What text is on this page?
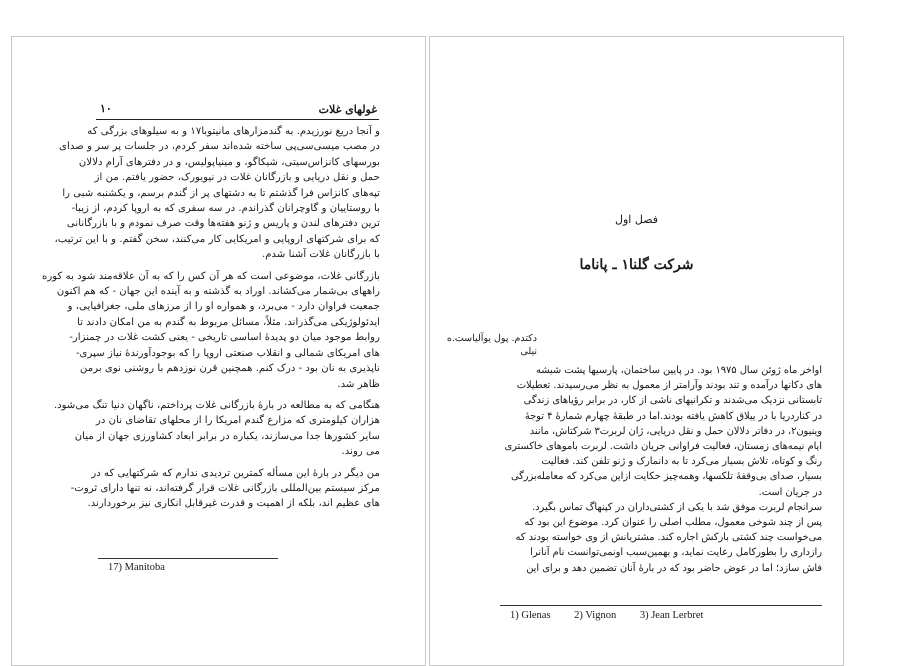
۱۰	غولهای غلات

و آنجا دریغ نورزیدم. به گندمزارهای مانیتوبا۱۷ و به سیلوهای بزرگی که

در مصب میسی‌سی‌پی ساخته شده‌اند سفر کردم، در جلسات پر سر و صدای

بورسهای کانزاس‌سیتی، شیکاگو، و مینیاپولیس، و در دفترهای آرام دلالان

حمل و نقل دریایی و بازرگانان غلات در نیویورک، حضور یافتم. من از

تپه‌های کانزاس فرا گذشتم تا به دشتهای پر از گندم برسم، و یکشنبه شبی را

با روستاییان و گاوچرانان گذراندم. در سه سفری که به اروپا کردم، از زیبا-

ترین دفترهای لندن و پاریس و ژنو هفته‌ها وقت صرف نمودم و با بازرگانانی

که برای شرکتهای اروپایی و امریکایی کار می‌کنند، سخن گفتم. و با این ترتیب،

با بازرگانان غلات آشنا شدم.

بازرگانی غلات، موضوعی است که هر آن کس را که به آن علاقه‌مند شود به کوره

راههای بی‌شمار می‌کشاند. اوراد به گذشته و به آینده این جهان - که هم اکنون

جمعیت فراوان دارد - می‌برد، و همواره او را از مرزهای ملی، جغرافیایی، و

ایدئولوژیکی می‌گذراند. مثلاً، مسائل مربوط به گندم به من امکان دادند تا

روابط موجود میان دو پدیدهٔ اساسی تاریخی - یعنی کشت غلات در چمنزار-

های امریکای شمالی و انقلاب صنعتی اروپا را که بوجودآورندهٔ نیاز سپری-

ناپذیری به نان بود - درک کنم. همچنین قرن نوزدهم با روشنی نوی برمن

ظاهر شد.

هنگامی که به مطالعه در بارهٔ بازرگانی غلات پرداختم، ناگهان دنیا تنگ می‌شود.

هزاران کیلومتری که مزارع گندم امریکا را از محلهای تقاضای نان در

سایر کشورها جدا می‌سازند، یکباره در برابر ابعاد کشاورزی جهان از میان

می روند.

من دیگر در بارهٔ این مسأله کمترین تردیدی ندارم که شرکتهایی که در

مرکز سیستم بین‌المللی بازرگانی غلات قرار گرفته‌اند، نه تنها دارای ثروت-

های عظیم اند، بلکه از اهمیت و قدرت غیرقابل انکاری نیز برخوردارند.

17) Manitoba
فصل اول
شرکت گلنا۱ ـ پاناما
دکتدم. پول یوآلیاست.ه
نیلی

اواخر ماه ژوئن سال ۱۹۷۵ بود. در پایین ساختمان، پارسیها پشت شیشه

های دکانها درآمده و تند بودند وآرامتر از معمول به نظر می‌رسیدند. تعطیلات

تابستانی نزدیک می‌شدند و تکرانیهای ناشی از کار، در برابر رؤیاهای زندگی

در کناردریا با در ییلاق کاهش یافته بودند.اما در طبقهٔ چهارم شمارهٔ ۴ توجهٔ

وینیون۲، در دفاتر دلالان حمل و نقل دریایی، ژان لربرت۳ شرکتاش، مانند

ایام نیمه‌های زمستان، فعالیت فراوانی جریان داشت. لربرت باموهای خاکستری

رنگ و کوتاه، تلاش بسیار می‌کرد تا به دانمارک و ژنو تلفن کند. فعالیت

بسیار، صدای بی‌وقفهٔ تلکسها، وهمه‌چیز حکایت ازاین می‌کرد که معامله‌بزرگی

در جریان است.

سرانجام لربرت موفق شد با یکی از کشتی‌داران در کپنهاگ تماس بگیرد.

پس از چند شوخی معمول، مطلب اصلی را عنوان کرد. موضوع این بود که

می‌خواست چند کشتی بارکش اجاره کند. مشتریانش از وی خواسته بودند که

رازداری را بطورکامل رعایت نماید، و بهمین‌سبب اونمی‌توانست نام آنانرا

فاش سازد؛ اما در عوض حاضر بود که در بارهٔ آنان تضمین دهد و برای این

1) Glenas 2) Vignon 3) Jean Lerbret
